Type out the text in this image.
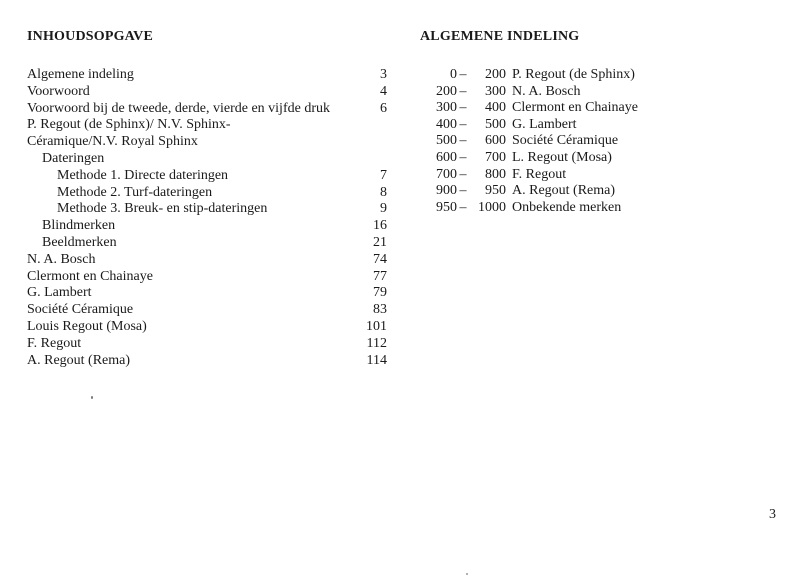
INHOUDSOPGAVE
Algemene indeling	3
Voorwoord	4
Voorwoord bij de tweede, derde, vierde en vijfde druk	6
P. Regout (de Sphinx)/ N.V. Sphinx-Céramique/N.V. Royal Sphinx
Dateringen
Methode 1. Directe dateringen	7
Methode 2. Turf-dateringen	8
Methode 3. Breuk- en stip-dateringen	9
Blindmerken	16
Beeldmerken	21
N. A. Bosch	74
Clermont en Chainaye	77
G. Lambert	79
Société Céramique	83
Louis Regout (Mosa)	101
F. Regout	112
A. Regout (Rema)	114
ALGEMENE INDELING
0 –	200 P. Regout (de Sphinx)
200 –	300 N. A. Bosch
300 –	400 Clermont en Chainaye
400 –	500 G. Lambert
500 –	600 Société Céramique
600 –	700 L. Regout (Mosa)
700 –	800 F. Regout
900 –	950 A. Regout (Rema)
950 – 1000 Onbekende merken
3
